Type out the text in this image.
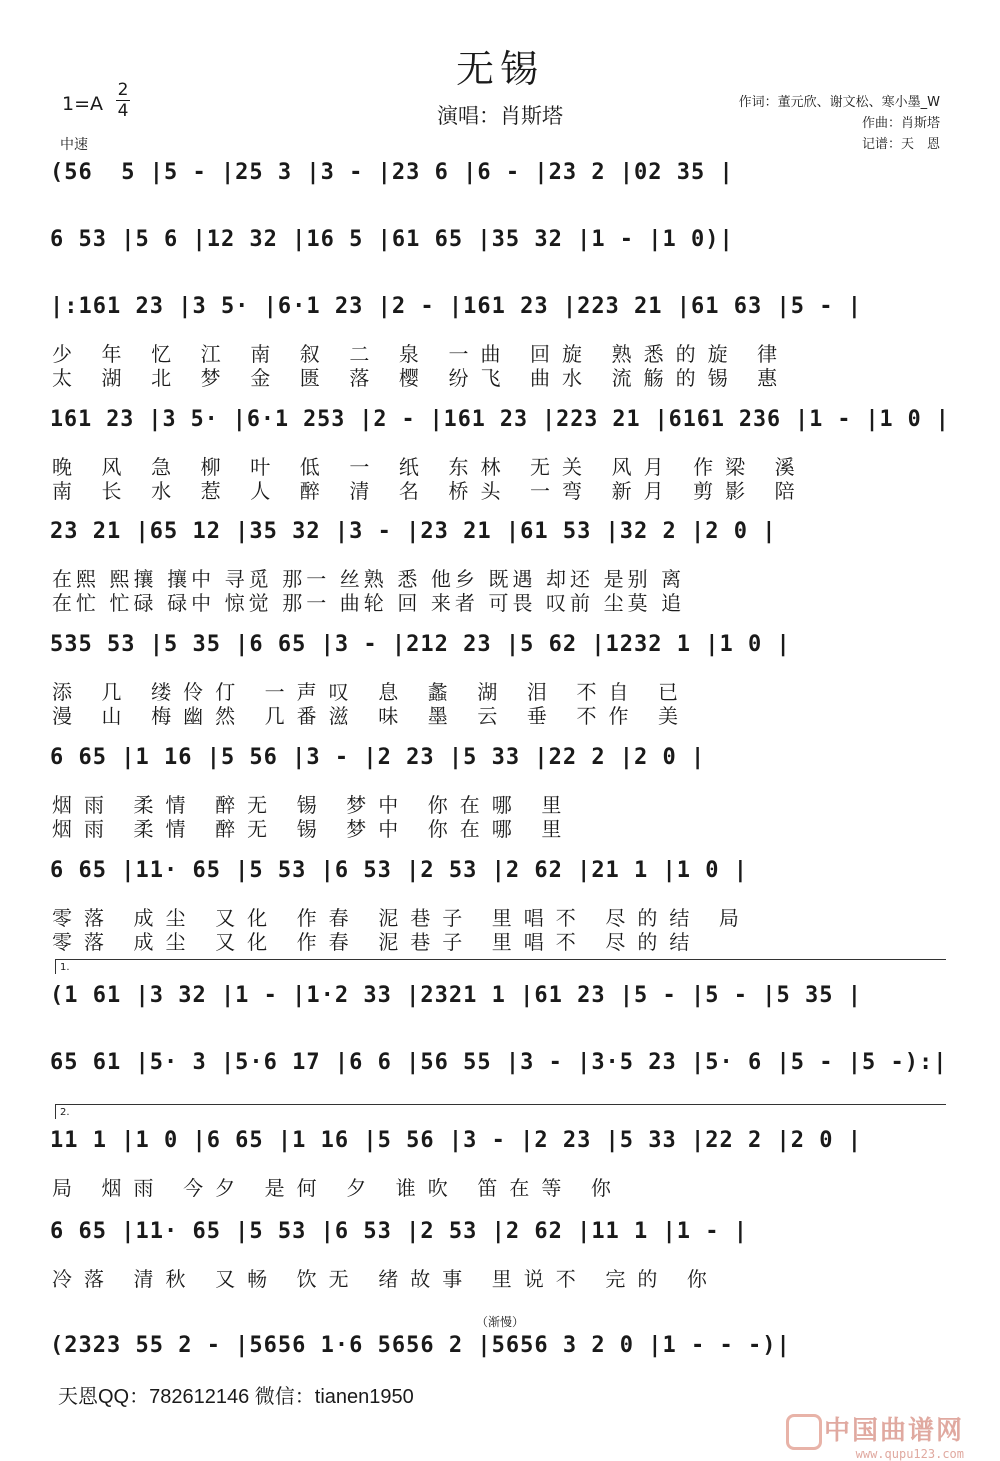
无锡
1=A
2
4
中速
演唱：肖斯塔
作词：董元欣、谢文松、寒小墨_W
作曲：肖斯塔
记谱：天　恩
(56  5 |5 - |25 3 |3 - |23 6 |6 - |23 2 |02 35 |
6 53 |5 6 |12 32 |16 5 |61 65 |35 32 |1 - |1 0)|
|:161 23 |3 5· |6·1 23 |2 - |161 23 |223 21 |61 63 |5 - |
少 年 忆 江 南 叙 二 泉 一曲 回旋 熟悉的旋 律
太 湖 北 梦 金 匮 落 樱 纷飞 曲水 流觞的锡 惠
161 23 |3 5· |6·1 253 |2 - |161 23 |223 21 |6161 236 |1 - |1 0 |
晚 风 急 柳 叶 低 一 纸 东林 无关 风月 作梁 溪
南 长 水 惹 人 醉 清 名 桥头 一弯 新月 剪影 陪
23 21 |65 12 |35 32 |3 - |23 21 |61 53 |32 2 |2 0 |
在熙 熙攘 攘中 寻觅 那一 丝熟 悉 他乡 既遇 却还 是别 离
在忙 忙碌 碌中 惊觉 那一 曲轮 回 来者 可畏 叹前 尘莫 追
535 53 |5 35 |6 65 |3 - |212 23 |5 62 |1232 1 |1 0 |
添 几 缕伶仃 一声叹 息 蠡 湖 泪 不自 已
漫 山 梅幽然 几番滋 味 墨 云 垂 不作 美
6 65 |1 16 |5 56 |3 - |2 23 |5 33 |22 2 |2 0 |
烟雨 柔情 醉无 锡 梦中 你在哪 里
烟雨 柔情 醉无 锡 梦中 你在哪 里
6 65 |11· 65 |5 53 |6 53 |2 53 |2 62 |21 1 |1 0 |
零落 成尘 又化 作春 泥巷子 里唱不 尽的结 局
零落 成尘 又化 作春 泥巷子 里唱不 尽的结
(1 61 |3 32 |1 - |1·2 33 |2321 1 |61 23 |5 - |5 - |5 35 |
1.
65 61 |5· 3 |5·6 17 |6 6 |56 55 |3 - |3·5 23 |5· 6 |5 - |5 -):|
11 1 |1 0 |6 65 |1 16 |5 56 |3 - |2 23 |5 33 |22 2 |2 0 |
2.
局 烟雨 今夕 是何 夕 谁吹 笛在等 你
6 65 |11· 65 |5 53 |6 53 |2 53 |2 62 |11 1 |1 - |
冷落 清秋 又畅 饮无 绪故事 里说不 完的 你
(2323 55 2 - |5656 1·6 5656 2 |5656 3 2 0 |1 - - -)|
（渐慢）
天恩QQ：782612146 微信：tianen1950
中国曲谱网
www.qupu123.com
